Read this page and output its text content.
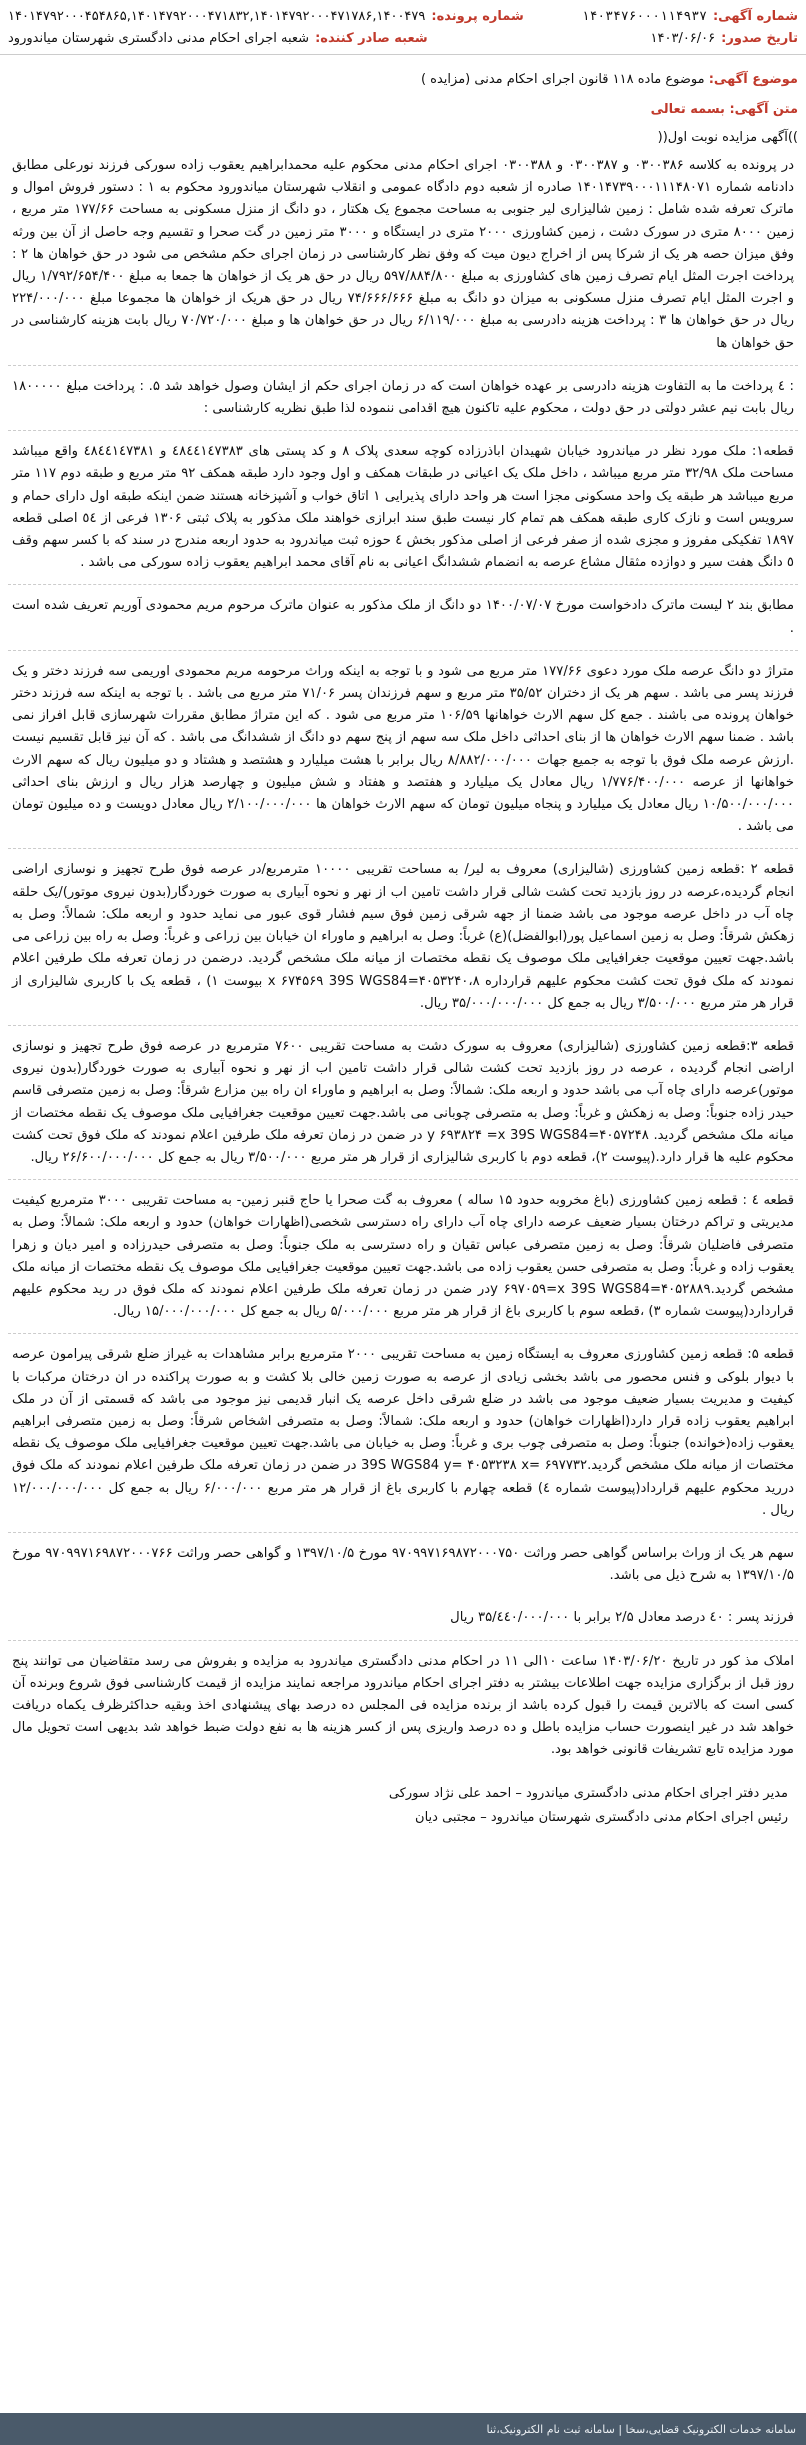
شماره آگهی:
۱۴۰۳۴۷۶۰۰۰۱۱۴۹۳۷
شماره پرونده:
۱۴۰۱۴۷۹۲۰۰۰۴۵۴۸۶۵,۱۴۰۱۴۷۹۲۰۰۰۴۷۱۸۳۲,۱۴۰۱۴۷۹۲۰۰۰۴۷۱۷۸۶,۱۴۰۰۴۷۹
تاریخ صدور:
۱۴۰۳/۰۶/۰۶
شعبه صادر کننده:
شعبه اجرای احکام مدنی دادگستری شهرستان میاندورود
موضوع آگهی: موضوع ماده ۱۱۸ قانون اجرای احکام مدنی (مزایده )
متن آگهی: بسمه تعالی
))آگهی مزایده نوبت اول((

در پرونده به کلاسه ۰۳۰۰۳۸۶ و ۰۳۰۰۳۸۷ و ۰۳۰۰۳۸۸ اجرای احکام مدنی محکوم علیه محمدابراهیم یعقوب زاده سورکی فرزند نورعلی مطابق دادنامه شماره ۱۴۰۱۴۷۳۹۰۰۰۱۱۱۴۸۰۷۱ صادره از شعبه دوم دادگاه عمومی و انقلاب شهرستان میاندورود محکوم به ۱ : دستور فروش اموال و ماترک تعرفه شده شامل : زمین شالیزاری لیر جنوبی به مساحت مجموع یک هکتار ، دو دانگ از منزل مسکونی به مساحت ۱۷۷/۶۶ متر مربع ، زمین ۸۰۰۰ متری در سورک دشت ، زمین کشاورزی ۲۰۰۰ متری در ایستگاه و ۳۰۰۰ متر زمین در گت صحرا و تقسیم وجه حاصل از آن بین ورثه وفق میزان حصه هر یک از شرکا پس از اخراج دیون میت که وفق نظر کارشناسی در زمان اجرای حکم مشخص می شود در حق خواهان ها ۲ : پرداخت اجرت المثل ایام تصرف زمین های کشاورزی به مبلغ ۵۹۷/۸۸۴/۸۰۰ ریال در حق هر یک از خواهان ها جمعا به مبلغ ۱/۷۹۲/۶۵۴/۴۰۰ ریال و اجرت المثل ایام تصرف منزل مسکونی به میزان دو دانگ به مبلغ ۷۴/۶۶۶/۶۶۶ ریال در حق هریک از خواهان ها مجموعا مبلغ ۲۲۴/۰۰۰/۰۰۰ ریال در حق خواهان ها ۳ : پرداخت هزینه دادرسی به مبلغ ۶/۱۱۹/۰۰۰ ریال در حق خواهان ها و مبلغ ۷۰/۷۲۰/۰۰۰ ریال بابت هزینه کارشناسی در حق خواهان ها

: ٤ پرداخت ما به التفاوت هزینه دادرسی بر عهده خواهان است که در زمان اجرای حکم از ایشان وصول خواهد شد ۵. : پرداخت مبلغ ۱۸۰۰۰۰۰ ریال بابت نیم عشر دولتی در حق دولت ، محکوم علیه تاکنون هیچ اقدامی ننموده لذا طبق نظریه کارشناسی :

قطعه۱: ملک مورد نظر در میاندرود خیابان شهیدان اباذرزاده کوچه سعدی پلاک ۸ و کد پستی های ٤٨٤٤١٤٧٣٨٣ و ٤٨٤٤١٤٧٣٨١ واقع میباشد مساحت ملک ۳۲/۹۸ متر مربع میباشد ، داخل ملک یک اعیانی در طبقات همکف و اول وجود دارد طبقه همکف ۹۲ متر مربع و طبقه دوم ۱۱۷ متر مربع میباشد هر طبقه یک واحد مسکونی مجزا است هر واحد دارای پذیرایی ۱ اتاق خواب و آشپزخانه هستند ضمن اینکه طبقه اول دارای حمام و سرویس است و نازک کاری طبقه همکف هم تمام کار نیست طبق سند ابرازی خواهند ملک مذکور به پلاک ثبتی ۱۳۰۶ فرعی از ٥٤ اصلی قطعه ۱۸۹۷ تفکیکی مفروز و مجزی شده از صفر فرعی از اصلی مذکور بخش ٤ حوزه ثبت میاندرود به حدود اربعه مندرج در سند که با کسر سهم وقف ٥ دانگ هفت سیر و دوازده مثقال مشاع عرصه به انضمام ششدانگ اعیانی به نام آقای محمد ابراهیم یعقوب زاده سورکی می باشد .

مطابق بند ۲ لیست ماترک دادخواست مورخ ۱۴۰۰/۰۷/۰۷ دو دانگ از ملک مذکور به عنوان ماترک مرحوم مریم محمودی آوریم تعریف شده است .

متراژ دو دانگ عرصه ملک مورد دعوی ۱۷۷/۶۶ متر مربع می شود و با توجه به اینکه وراث مرحومه مریم محمودی اوریمی سه فرزند دختر و یک فرزند پسر می باشد . سهم هر یک از دختران ۳۵/۵۲ متر مربع و سهم فرزندان پسر ۷۱/۰۶ متر مربع می باشد . با توجه به اینکه سه فرزند دختر خواهان پرونده می باشند . جمع کل سهم الارث خواهانها ۱۰۶/۵۹ متر مربع می شود . که این متراژ مطابق مقررات شهرسازی قابل افراز نمی باشد . ضمنا سهم الارث خواهان ها از بنای احداثی داخل ملک سه سهم از پنج سهم دو دانگ از ششدانگ می باشد . که آن نیز قابل تقسیم نیست .ارزش عرصه ملک فوق با توجه به جمیع جهات ۸/۸۸۲/۰۰۰/۰۰۰ ریال برابر با هشت میلیارد و هشتصد و هشتاد و دو میلیون ریال که سهم الارث خواهانها از عرصه ۱/۷۷۶/۴۰۰/۰۰۰ ریال معادل یک میلیارد و هفتصد و هفتاد و شش میلیون و چهارصد هزار ریال و ارزش بنای احداثی ۱۰/۵۰۰/۰۰۰/۰۰۰ ریال معادل یک میلیارد و پنجاه میلیون تومان که سهم الارث خواهان ها ۲/۱۰۰/۰۰۰/۰۰۰ ریال معادل دویست و ده میلیون تومان می باشد .

قطعه ۲ :قطعه زمین کشاورزی (شالیزاری) معروف به لیر/ به مساحت تقریبی ۱۰۰۰۰ مترمربع/در عرصه فوق طرح تجهیز و نوسازی اراضی انجام گردیده،عرصه در روز بازدید تحت کشت شالی قرار داشت تامین اب از نهر و نحوه آبیاری به صورت خوردگار(بدون نیروی موتور)/یک حلقه چاه آب در داخل عرصه موجود می باشد ضمنا از جهه شرقی زمین فوق سیم فشار قوی عبور می نماید حدود و اربعه ملک: شمالاً: وصل به زهکش شرقاً: وصل به زمین اسماعیل پور(ابوالفضل)(ع) غرباً: وصل به ابراهیم و ماوراء ان خیابان بین زراعی و غرباً: وصل به راه بین زراعی می باشد.جهت تعیین موقعیت جغرافیایی ملک موصوف یک نقطه مختصات از میانه ملک مشخص گردید. درضمن در زمان تعرفه ملک طرفین اعلام نمودند که ملک فوق تحت کشت محکوم علیهم قرارداره ۴۰۵۳۲۴۰،۸=x ۶۷۴۵۶۹ 39S WGS84 بیوست ۱) ، قطعه یک با کاربری شالیزاری از قرار هر متر مربع ۳/۵۰۰/۰۰۰ ریال به جمع کل ۳۵/۰۰۰/۰۰۰/۰۰۰ ریال.

قطعه ۳:قطعه زمین کشاورزی (شالیزاری) معروف به سورک دشت به مساحت تقریبی ۷۶۰۰ مترمربع در عرصه فوق طرح تجهیز و نوسازی اراضی انجام گردیده ، عرصه در روز بازدید تحت کشت شالی قرار داشت تامین اب از نهر و نحوه آبیاری به صورت خوردگار(بدون نیروی موتور)عرصه دارای چاه آب می باشد حدود و اربعه ملک: شمالاً: وصل به ابراهیم و ماوراء ان راه بین مزارع شرقاً: وصل به زمین متصرفی قاسم حیدر زاده جنوباً: وصل به زهکش و غرباً: وصل به متصرفی چوبانی می باشد.جهت تعیین موقعیت جغرافیایی ملک موصوف یک نقطه مختصات از میانه ملک مشخص گردید. ۴۰۵۷۲۴۸=y ۶۹۳۸۲۴ =x 39S WGS84 در ضمن در زمان تعرفه ملک طرفین اعلام نمودند که ملک فوق تحت کشت محکوم علیه ها قرار دارد.(پیوست ۲)، قطعه دوم با کاربری شالیزاری از قرار هر متر مربع ۳/۵۰۰/۰۰۰ ریال به جمع کل ۲۶/۶۰۰/۰۰۰/۰۰۰ ریال.

قطعه ٤ : قطعه زمین کشاورزی (باغ مخروبه حدود ۱۵ ساله ) معروف به گت صحرا یا حاج قنبر زمین- به مساحت تقریبی ۳۰۰۰ مترمربع کیفیت مدیریتی و تراکم درختان بسیار ضعیف عرصه دارای چاه آب دارای راه دسترسی شخصی(اظهارات خواهان) حدود و اربعه ملک: شمالاً: وصل به متصرفی فاضلیان شرقاً: وصل به زمین متصرفی عباس تقیان و راه دسترسی به ملک جنوباً: وصل به متصرفی حیدرزاده و امیر دیان و زهرا یعقوب زاده و غرباً: وصل به متصرفی حسن یعقوب زاده می باشد.جهت تعیین موقعیت جغرافیایی ملک موصوف یک نقطه مختصات از میانه ملک مشخص گردید.۴۰۵۲۸۸۹=y ۶۹۷۰۵۹=x 39S WGS84در ضمن در زمان تعرفه ملک طرفین اعلام نمودند که ملک فوق در رید محکوم علیهم قراردارد(پیوست شماره ۳) ،قطعه سوم با کاربری باغ از قرار هر متر مربع ۵/۰۰۰/۰۰۰ ریال به جمع کل ۱۵/۰۰۰/۰۰۰/۰۰۰ ریال.

قطعه ۵: قطعه زمین کشاورزی معروف به ایستگاه زمین به مساحت تقریبی ۲۰۰۰ مترمربع برابر مشاهدات به غیراز ضلع شرقی پیرامون عرصه با دیوار بلوکی و فنس محصور می باشد بخشی زیادی از عرصه به صورت زمین خالی بلا کشت و به صورت پراکنده در ان درختان مرکبات با کیفیت و مدیریت بسیار ضعیف موجود می باشد در ضلع شرقی داخل عرصه یک انبار قدیمی نیز موجود می باشد که قسمتی از آن در ملک ابراهیم یعقوب زاده قرار دارد(اظهارات خواهان) حدود و اربعه ملک: شمالاً: وصل به متصرفی اشخاص شرقاً: وصل به زمین متصرفی ابراهیم یعقوب زاده(خوانده) جنوباً: وصل به متصرفی چوب بری و غرباً: وصل به خیابان می باشد.جهت تعیین موقعیت جغرافیایی ملک موصوف یک نقطه مختصات از میانه ملک مشخص گردید.39S WGS84 y= ۴۰۵۳۲۳۸ x= ۶۹۷۷۳۲ در ضمن در زمان تعرفه ملک طرفین اعلام نمودند که ملک فوق دررید محکوم علیهم قرارداد(پیوست شماره ٤) قطعه چهارم با کاربری باغ از قرار هر متر مربع ۶/۰۰۰/۰۰۰ ریال به جمع کل ۱۲/۰۰۰/۰۰۰/۰۰۰ ریال .

سهم هر یک از وراث براساس گواهی حصر وراثت ۹۷۰۹۹۷۱۶۹۸۷۲۰۰۰۷۵۰ مورخ ۱۳۹۷/۱۰/۵ و گواهی حصر وراثت ۹۷۰۹۹۷۱۶۹۸۷۲۰۰۰۷۶۶ مورخ ۱۳۹۷/۱۰/۵ به شرح ذیل می باشد.

فرزند پسر : ٤٠ درصد معادل ۲/۵ برابر با ۳۵/٤٤٠/۰۰۰/۰۰۰ ریال

املاک مذ کور در تاریخ ۱۴۰۳/۰۶/۲۰ ساعت ۱۰الی ۱۱ در احکام مدنی دادگستری میاندرود به مزایده و بفروش می رسد متقاضیان می توانند پنج روز قبل از برگزاری مزایده جهت اطلاعات بیشتر به دفتر اجرای احکام میاندرود مراجعه نمایند مزایده از قیمت کارشناسی فوق شروع وبرنده آن کسی است که بالاترین قیمت را قبول کرده باشد از برنده مزایده فی المجلس ده درصد بهای پیشنهادی اخذ وبقیه حداکثرظرف یکماه دریافت خواهد شد در غیر اینصورت حساب مزایده باطل و ده درصد واریزی پس از کسر هزینه ها به نفع دولت ضبط خواهد شد بدیهی است تحویل مال مورد مزایده تابع تشریفات قانونی خواهد بود.

مدیر دفتر اجرای احکام مدنی دادگستری میاندرود – احمد علی نژاد سورکی
رئیس اجرای احکام مدنی دادگستری شهرستان میاندرود – مجتبی دیان
سامانه خدمات الکترونیک قضایی،سخا | سامانه ثبت نام الکترونیک،ثنا
